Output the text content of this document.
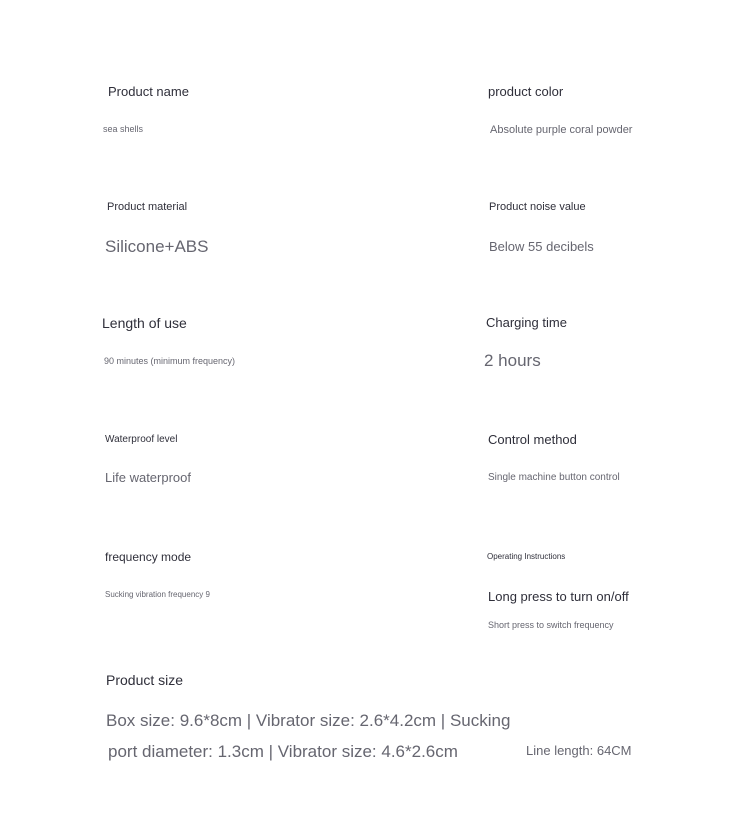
Product name
sea shells
product color
Absolute purple coral powder
Product material
Silicone+ABS
Product noise value
Below 55 decibels
Length of use
90 minutes (minimum frequency)
Charging time
2 hours
Waterproof level
Life waterproof
Control method
Single machine button control
frequency mode
Sucking vibration frequency 9
Operating Instructions
Long press to turn on/off
Short press to switch frequency
Product size
Box size: 9.6*8cm | Vibrator size: 2.6*4.2cm | Sucking
port diameter: 1.3cm | Vibrator size: 4.6*2.6cm	Line length: 64CM
